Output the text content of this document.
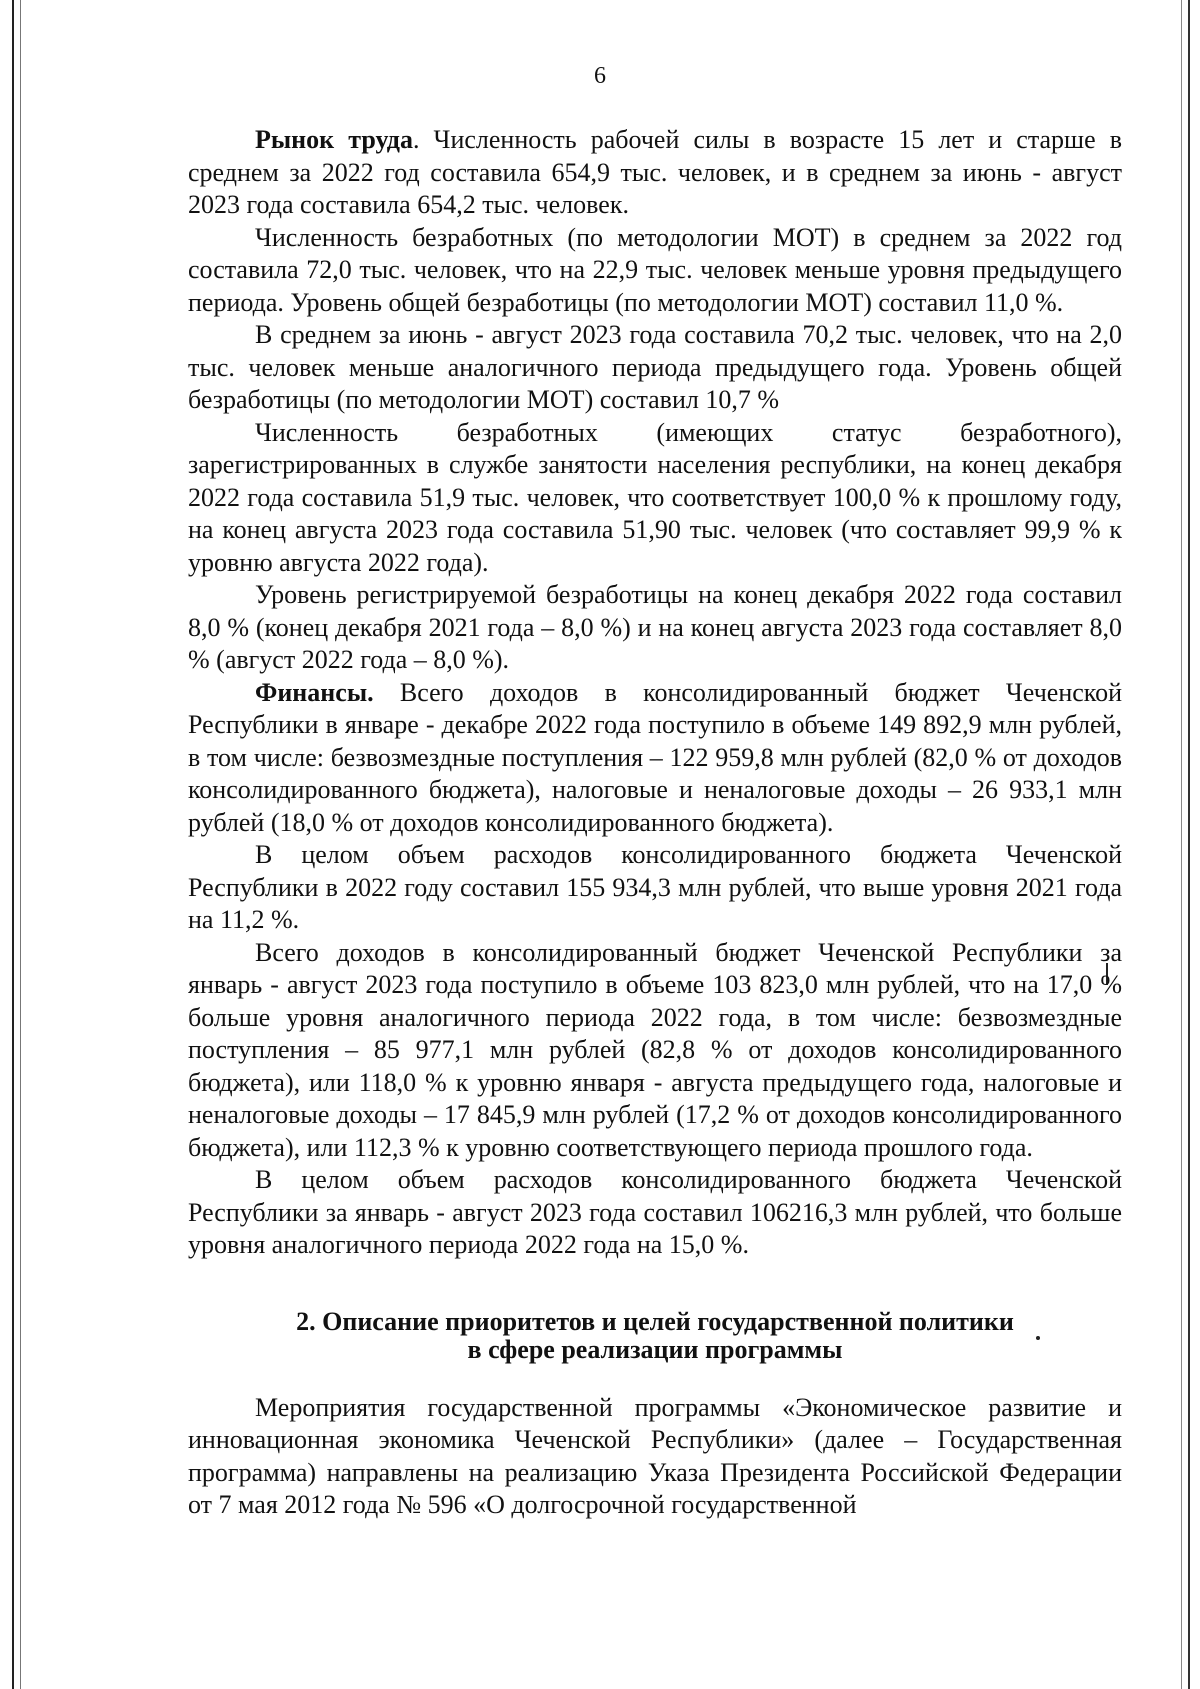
6

Рынок труда. Численность рабочей силы в возрасте 15 лет и старше в среднем за 2022 год составила 654,9 тыс. человек, и в среднем за июнь - август 2023 года составила 654,2 тыс. человек.

Численность безработных (по методологии МОТ) в среднем за 2022 год составила 72,0 тыс. человек, что на 22,9 тыс. человек меньше уровня предыдущего периода. Уровень общей безработицы (по методологии МОТ) составил 11,0 %.

В среднем за июнь - август 2023 года составила 70,2 тыс. человек, что на 2,0 тыс. человек меньше аналогичного периода предыдущего года. Уровень общей безработицы (по методологии МОТ) составил 10,7 %

Численность безработных (имеющих статус безработного), зарегистрированных в службе занятости населения республики, на конец декабря 2022 года составила 51,9 тыс. человек, что соответствует 100,0 % к прошлому году, на конец августа 2023 года составила 51,90 тыс. человек (что составляет 99,9 % к уровню августа 2022 года).

Уровень регистрируемой безработицы на конец декабря 2022 года составил 8,0 % (конец декабря 2021 года – 8,0 %) и на конец августа 2023 года составляет 8,0 % (август 2022 года – 8,0 %).

Финансы. Всего доходов в консолидированный бюджет Чеченской Республики в январе - декабре 2022 года поступило в объеме 149 892,9 млн рублей, в том числе: безвозмездные поступления – 122 959,8 млн рублей (82,0 % от доходов консолидированного бюджета), налоговые и неналоговые доходы – 26 933,1 млн рублей (18,0 % от доходов консолидированного бюджета).

В целом объем расходов консолидированного бюджета Чеченской Республики в 2022 году составил 155 934,3 млн рублей, что выше уровня 2021 года на 11,2 %.

Всего доходов в консолидированный бюджет Чеченской Республики за январь - август 2023 года поступило в объеме 103 823,0 млн рублей, что на 17,0 % больше уровня аналогичного периода 2022 года, в том числе: безвозмездные поступления – 85 977,1 млн рублей (82,8 % от доходов консолидированного бюджета), или 118,0 % к уровню января - августа предыдущего года, налоговые и неналоговые доходы – 17 845,9 млн рублей (17,2 % от доходов консолидированного бюджета), или 112,3 % к уровню соответствующего периода прошлого года.

В целом объем расходов консолидированного бюджета Чеченской Республики за январь - август 2023 года составил 106216,3 млн рублей, что больше уровня аналогичного периода 2022 года на 15,0 %.

2. Описание приоритетов и целей государственной политики
в сфере реализации программы

Мероприятия государственной программы «Экономическое развитие и инновационная экономика Чеченской Республики» (далее – Государственная программа) направлены на реализацию Указа Президента Российской Федерации от 7 мая 2012 года № 596 «О долгосрочной государственной
